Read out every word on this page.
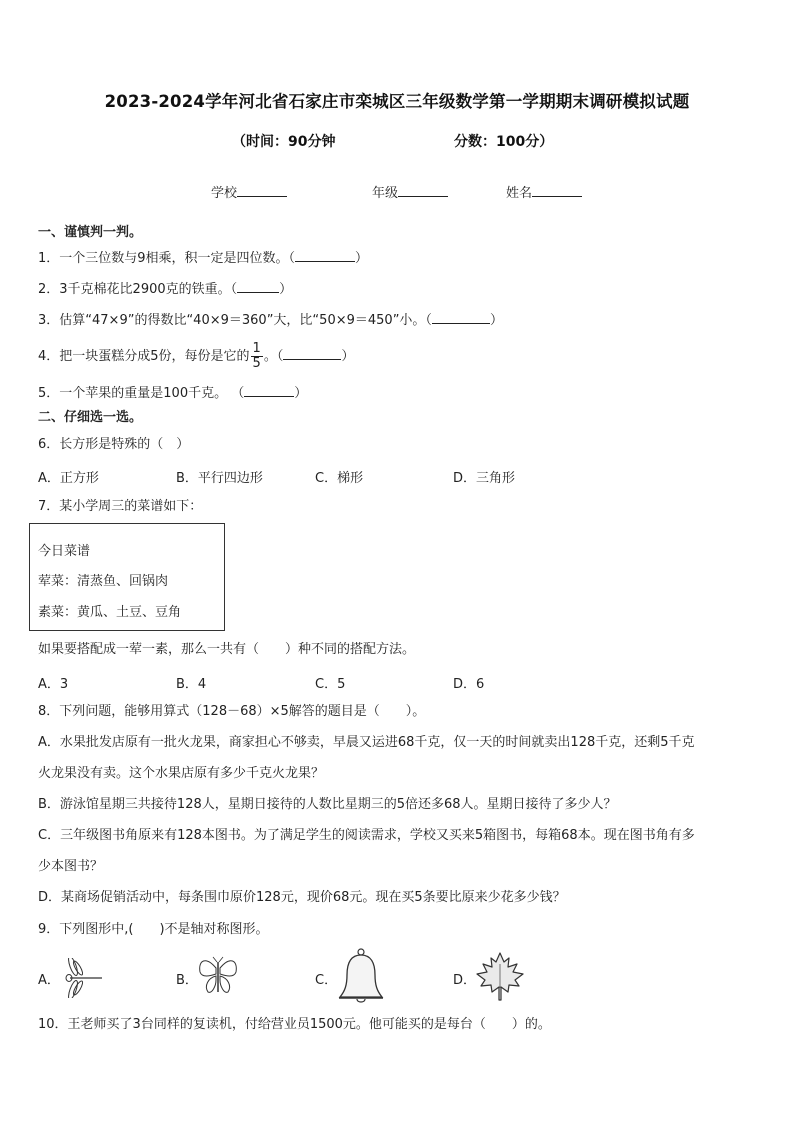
2023-2024学年河北省石家庄市栾城区三年级数学第一学期期末调研模拟试题
（时间：90分钟	分数：100分）
学校	年级	姓名
一、谨慎判一判。
1．一个三位数与9相乘，积一定是四位数。（	）
2．3千克棉花比2900克的铁重。（	）
3．估算“47×9”的得数比“40×9＝360”大，比“50×9＝450”小。（	）
4．把一块蛋糕分成5份，每份是它的 $\frac{1}{5}$ 。（	）
5．一个苹果的重量是100千克。 （	）
二、仔细选一选。
6．长方形是特殊的（　）
A．正方形	B．平行四边形	C．梯形	D．三角形
7．某小学周三的菜谱如下：
今日菜谱
荤菜：清蒸鱼、回锅肉
素菜：黄瓜、土豆、豆角
如果要搭配成一荤一素，那么一共有（　　）种不同的搭配方法。
A．3	B．4	C．5	D．6
8．下列问题，能够用算式（128－68）×5解答的题目是（　　）。
A．水果批发店原有一批火龙果，商家担心不够卖，早晨又运进68千克，仅一天的时间就卖出128千克，还剩5千克
火龙果没有卖。这个水果店原有多少千克火龙果？
B．游泳馆星期三共接待128人，星期日接待的人数比星期三的5倍还多68人。星期日接待了多少人？
C．三年级图书角原来有128本图书。为了满足学生的阅读需求，学校又买来5箱图书，每箱68本。现在图书角有多
少本图书？
D．某商场促销活动中，每条围巾原价128元，现价68元。现在买5条要比原来少花多少钱？
9．下列图形中,(　　)不是轴对称图形。
A．	B．	C．	D．
10．王老师买了3台同样的复读机，付给营业员1500元。他可能买的是每台（　　）的。
